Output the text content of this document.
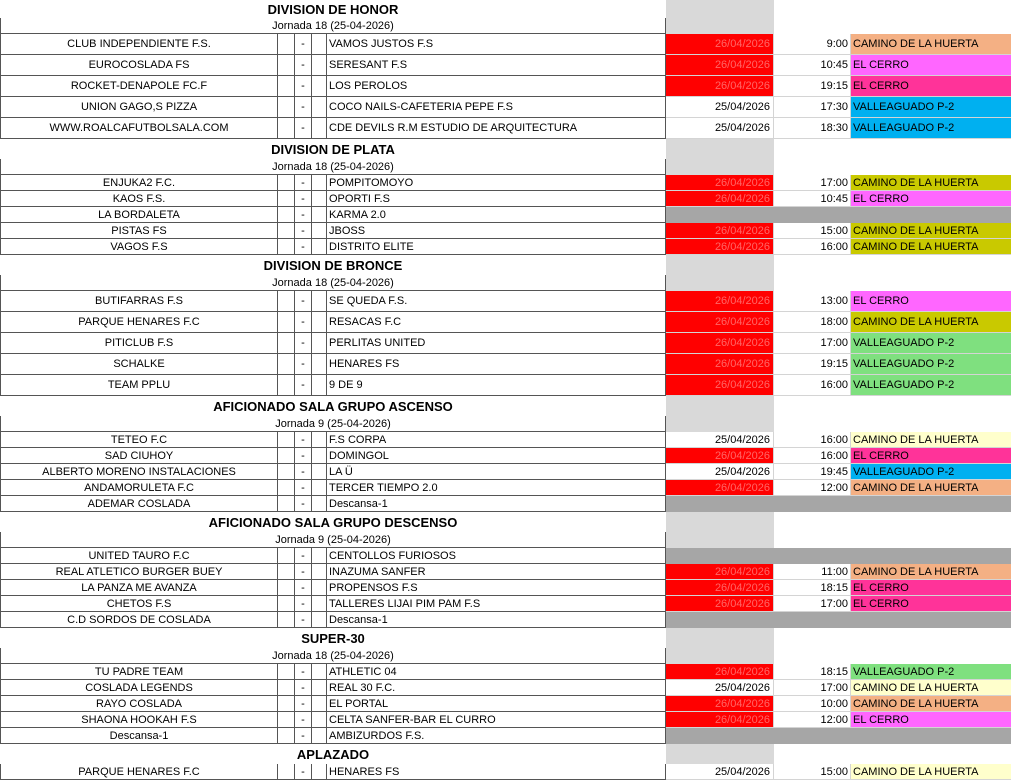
DIVISION DE HONOR
Jornada 18 (25-04-2026)
CLUB INDEPENDIENTE F.S.	-	VAMOS JUSTOS F.S	26/04/2026	9:00 CAMINO DE LA HUERTA
EUROCOSLADA FS	-	SERESANT F.S	26/04/2026	10:45 EL CERRO
ROCKET-DENAPOLE FC.F	-	LOS PEROLOS	26/04/2026	19:15 EL CERRO
UNION GAGO,S PIZZA	-	COCO NAILS-CAFETERIA PEPE F.S	25/04/2026	17:30 VALLEAGUADO P-2
WWW.ROALCAFUTBOLSALA.COM	-	CDE DEVILS R.M ESTUDIO DE ARQUITECTURA	25/04/2026	18:30 VALLEAGUADO P-2
DIVISION DE PLATA
Jornada 18 (25-04-2026)
ENJUKA2 F.C.	-	POMPITOMOYO	26/04/2026	17:00 CAMINO DE LA HUERTA
KAOS F.S.	-	OPORTI F.S	26/04/2026	10:45 EL CERRO
LA BORDALETA	-	KARMA 2.0
PISTAS FS	-	JBOSS	26/04/2026	15:00 CAMINO DE LA HUERTA
VAGOS F.S	-	DISTRITO ELITE	26/04/2026	16:00 CAMINO DE LA HUERTA
DIVISION DE BRONCE
Jornada 18 (25-04-2026)
BUTIFARRAS F.S	-	SE QUEDA F.S.	26/04/2026	13:00 EL CERRO
PARQUE HENARES F.C	-	RESACAS F.C	26/04/2026	18:00 CAMINO DE LA HUERTA
PITICLUB F.S	-	PERLITAS UNITED	26/04/2026	17:00 VALLEAGUADO P-2
SCHALKE	-	HENARES FS	26/04/2026	19:15 VALLEAGUADO P-2
TEAM PPLU	-	9 DE 9	26/04/2026	16:00 VALLEAGUADO P-2
AFICIONADO SALA GRUPO ASCENSO
Jornada 9 (25-04-2026)
TETEO F.C	-	F.S CORPA	25/04/2026	16:00 CAMINO DE LA HUERTA
SAD CIUHOY	-	DOMINGOL	26/04/2026	16:00 EL CERRO
ALBERTO MORENO INSTALACIONES	-	LA Ü	25/04/2026	19:45 VALLEAGUADO P-2
ANDAMORULETA F.C	-	TERCER TIEMPO 2.0	26/04/2026	12:00 CAMINO DE LA HUERTA
ADEMAR COSLADA	-	Descansa-1
AFICIONADO SALA GRUPO DESCENSO
Jornada 9 (25-04-2026)
UNITED TAURO F.C	-	CENTOLLOS FURIOSOS
REAL ATLETICO BURGER BUEY	-	INAZUMA SANFER	26/04/2026	11:00 CAMINO DE LA HUERTA
LA PANZA ME AVANZA	-	PROPENSOS F.S	26/04/2026	18:15 EL CERRO
CHETOS F.S	-	TALLERES LIJAI PIM PAM F.S	26/04/2026	17:00 EL CERRO
C.D SORDOS DE COSLADA	-	Descansa-1
SUPER-30
Jornada 18 (25-04-2026)
TU PADRE TEAM	-	ATHLETIC 04	26/04/2026	18:15 VALLEAGUADO P-2
COSLADA LEGENDS	-	REAL 30 F.C.	25/04/2026	17:00 CAMINO DE LA HUERTA
RAYO COSLADA	-	EL PORTAL	26/04/2026	10:00 CAMINO DE LA HUERTA
SHAONA HOOKAH F.S	-	CELTA SANFER-BAR EL CURRO	26/04/2026	12:00 EL CERRO
Descansa-1	-	AMBIZURDOS F.S.
APLAZADO
PARQUE HENARES F.C	-	HENARES FS	25/04/2026	15:00 CAMINO DE LA HUERTA
